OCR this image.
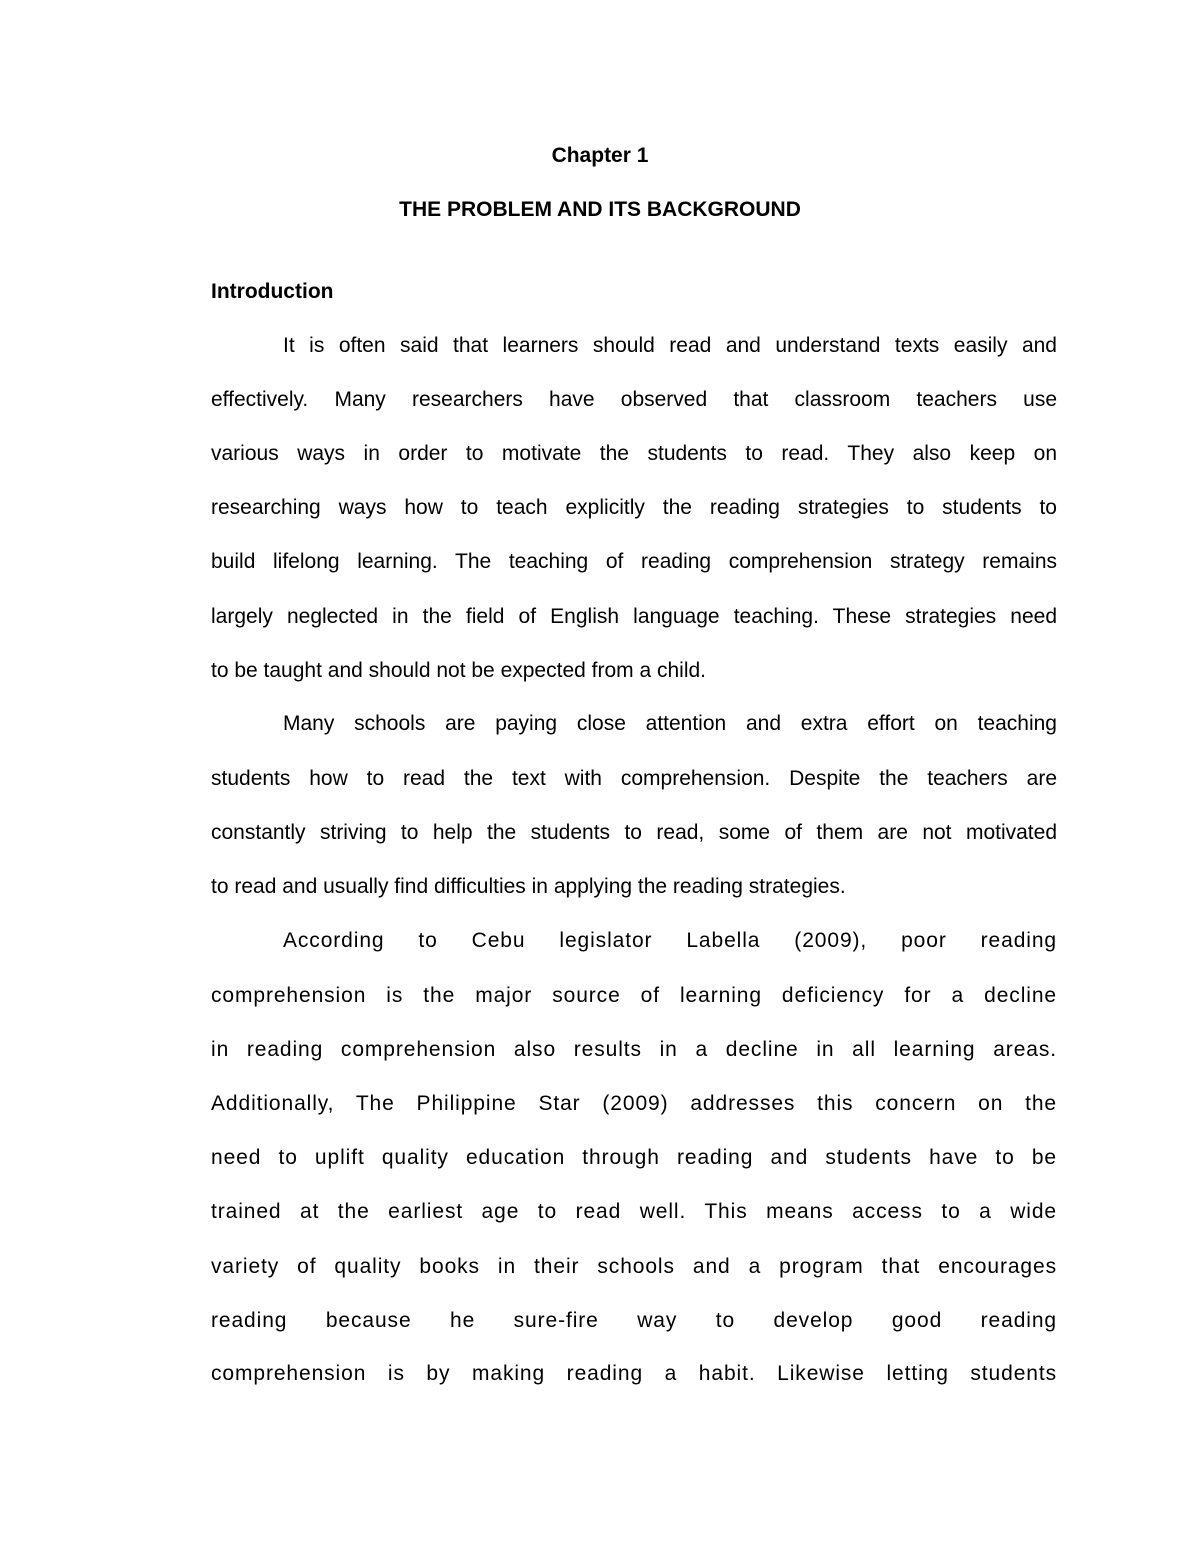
Chapter 1
THE PROBLEM AND ITS BACKGROUND
Introduction
It is often said that learners should read and understand texts easily and
effectively. Many researchers have observed that classroom teachers use
various ways in order to motivate the students to read. They also keep on
researching ways how to teach explicitly the reading strategies to students to
build lifelong learning. The teaching of reading comprehension strategy remains
largely neglected in the field of English language teaching. These strategies need
to be taught and should not be expected from a child.
Many schools are paying close attention and extra effort on teaching
students how to read the text with comprehension. Despite the teachers are
constantly striving to help the students to read, some of them are not motivated
to read and usually find difficulties in applying the reading strategies.
According to Cebu legislator Labella (2009), poor reading
comprehension is the major source of learning deficiency for a decline
in reading comprehension also results in a decline in all learning areas.
Additionally, The Philippine Star (2009) addresses this concern on the
need to uplift quality education through reading and students have to be
trained at the earliest age to read well. This means access to a wide
variety of quality books in their schools and a program that encourages
reading because he sure-fire way to develop good reading
comprehension is by making reading a habit. Likewise letting students
